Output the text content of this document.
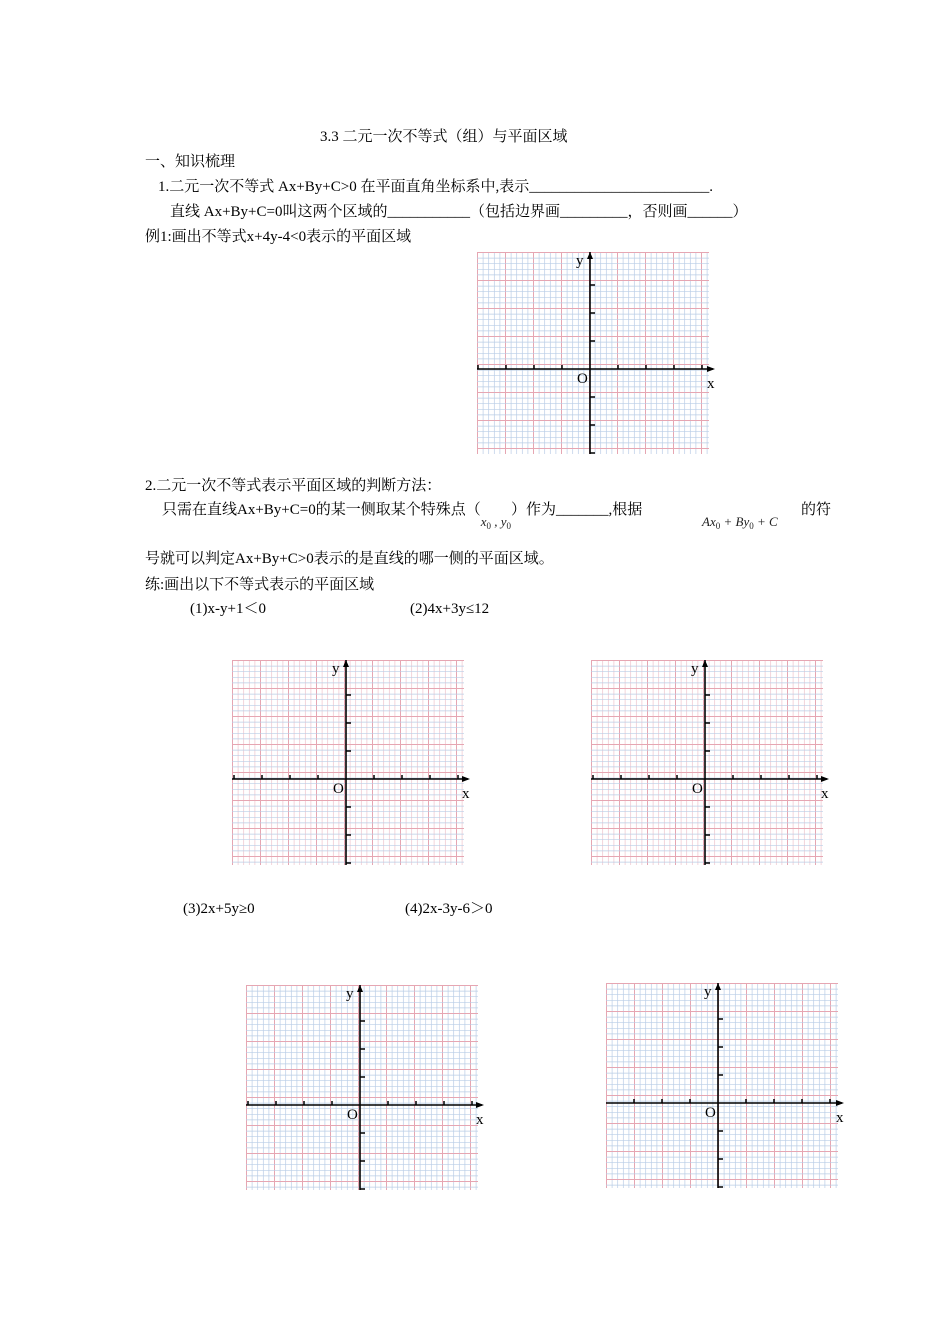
3.3 二元一次不等式（组）与平面区域
一、知识梳理
1.二元一次不等式 Ax+By+C>0 在平面直角坐标系中,表示________________________.
直线 Ax+By+C=0叫这两个区域的___________（包括边界画_________，否则画______）
例1:画出不等式x+4y-4<0表示的平面区域
y
x
O
2.二元一次不等式表示平面区域的判断方法：
只需在直线Ax+By+C=0的某一侧取某个特殊点（$x_0$ , $y_0$）作为_______,根据
$Ax_0 + By_0 + C$
的符
号就可以判定Ax+By+C>0表示的是直线的哪一侧的平面区域。
练:画出以下不等式表示的平面区域
(1)x-y+1＜0	(2)4x+3y≤12
y
x
O
y
x
O
(3)2x+5y≥0	(4)2x-3y-6＞0
y
x
O
y
x
O
